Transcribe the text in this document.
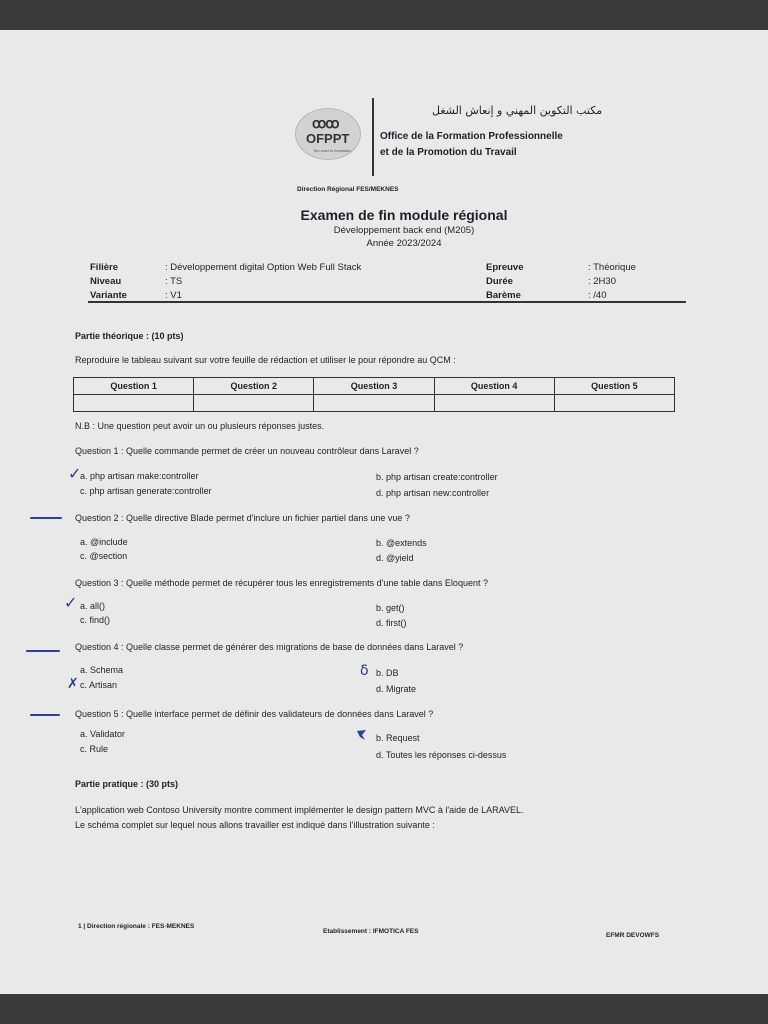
ꝏꝏ
OFPPT
the road to formation
مكتب التكوين المهني و إنعاش الشغل
Office de la Formation Professionnelle
et de la Promotion du Travail
Direction Régional FES/MEKNES
Examen de fin module régional
Développement back end (M205)
Année 2023/2024
Filière	: Développement digital Option Web Full Stack
Niveau	: TS
Variante	: V1
Epreuve	: Théorique
Durée	: 2H30
Barème	: /40
Partie théorique : (10 pts)
Reproduire le tableau suivant sur votre feuille de rédaction et utiliser le pour répondre au QCM :
Question 1	Question 2	Question 3	Question 4	Question 5

N.B : Une question peut avoir un ou plusieurs réponses justes.
Question 1 : Quelle commande permet de créer un nouveau contrôleur dans Laravel ?
a. php artisan make:controller	b. php artisan create:controller
c. php artisan generate:controller	d. php artisan new:controller
✓
Question 2 : Quelle directive Blade permet d'inclure un fichier partiel dans une vue ?
a. @include	b. @extends
c. @section	d. @yield
Question 3 : Quelle méthode permet de récupérer tous les enregistrements d'une table dans Eloquent ?
a. all()	b. get()
c. find()	d. first()
✓
Question 4 : Quelle classe permet de générer des migrations de base de données dans Laravel ?
a. Schema	b. DB
c. Artisan	d. Migrate
δ
✗
Question 5 : Quelle interface permet de définir des validateurs de données dans Laravel ?
a. Validator	b. Request
c. Rule
d. Toutes les réponses ci-dessus
Partie pratique : (30 pts)
L'application web Contoso University montre comment implémenter le design pattern MVC à l'aide de LARAVEL.
Le schéma complet sur lequel nous allons travailler est indiqué dans l'illustration suivante :
1 | Direction régionale : FES-MEKNES
Etablissement : IFMOTICA FES
EFMR DEVOWFS
